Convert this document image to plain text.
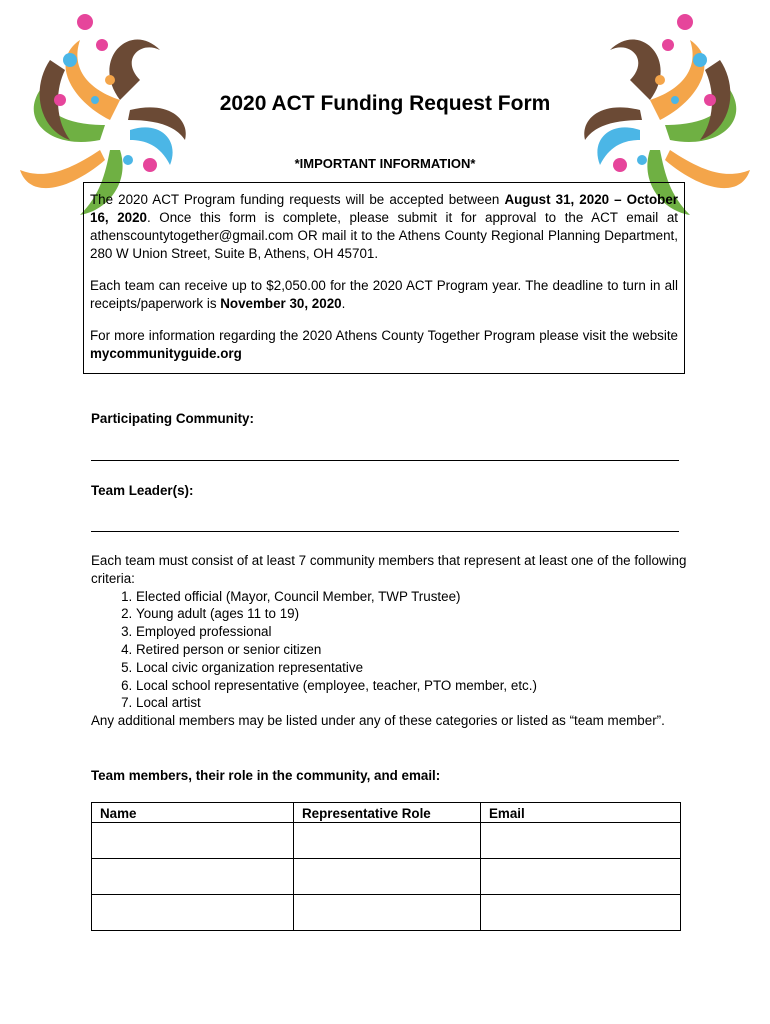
2020 ACT Funding Request Form
*IMPORTANT INFORMATION*

The 2020 ACT Program funding requests will be accepted between August 31, 2020 – October 16, 2020. Once this form is complete, please submit it for approval to the ACT email at athenscountytogether@gmail.com OR mail it to the Athens County Regional Planning Department, 280 W Union Street, Suite B, Athens, OH 45701.

Each team can receive up to $2,050.00 for the 2020 ACT Program year. The deadline to turn in all receipts/paperwork is November 30, 2020.

For more information regarding the 2020 Athens County Together Program please visit the website mycommunityguide.org

Participating Community:
Team Leader(s):

Each team must consist of at least 7 community members that represent at least one of the following criteria:

1. Elected official (Mayor, Council Member, TWP Trustee)
2. Young adult (ages 11 to 19)
3. Employed professional
4. Retired person or senior citizen
5. Local civic organization representative
6. Local school representative (employee, teacher, PTO member, etc.)
7. Local artist

Any additional members may be listed under any of these categories or listed as “team member”.

Team members, their role in the community, and email:
Name	Representative Role	Email
